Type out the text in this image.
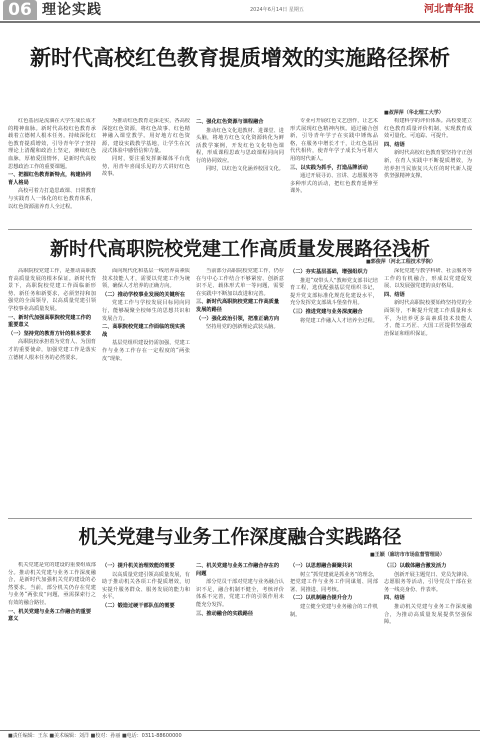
06 理论实践	2024年6月14日 星期五	河北青年报
新时代高校红色教育提质增效的实施路径探析
■叔萍萍（华北理工大学）

红色基因是流淌在大学生成长成才的精神血脉。新时代高校红色教育承载着立德树人根本任务。持续深化红色教育提质增效，引导青年学子坚持理论上清醒和政治上坚定，赓续红色血脉，厚植爱国情怀，是新时代高校思想政治工作的重要课题。

一、把握红色教育新特点，构建协同育人格局

高校可着力打造思政课、日常教育与实践育人一体化的红色教育体系，以红色资源滋养育人全过程。

为推动红色教育走深走实，各高校深挖红色资源，将红色故事、红色精神融入课堂教学。用好地方红色资源，建设实践教学基地，让学生在沉浸式体验中感悟信仰力量。

同时，要注重发挥新媒体平台优势，用青年喜闻乐见的方式讲好红色故事。

二、强化红色资源与课程融合

推动红色文化进教材、进课堂、进头脑，将地方红色文化资源转化为鲜活教学案例，开发红色文化特色课程，形成课程思政与思政课程同向同行的协同效应。

同时，以红色文化涵养校园文化。

专业可开展红色文艺创作，让艺术形式展现红色精神内核。通过融合创新，引导青年学子在实践中锤炼品格，在服务中增长才干，让红色基因代代相传，使青年学子成长为可堪大用的时代新人。

三、以实践为抓手，打造品牌活动

通过开展寻访、宣讲、志愿服务等多种形式的活动，把红色教育延伸至课外。

构建科学的评价体系。高校要建立红色教育质量评价机制，实现教育成效可量化、可追踪、可提升。

四、结语

新时代高校红色教育要坚持守正创新，在育人实践中不断提质增效，为培养担当民族复兴大任的时代新人提供坚强精神支撑。

新时代高职院校党建工作高质量发展路径浅析
■郭俊萍（河北工程技术学院）

高职院校党建工作，是推动高职教育高质量发展的根本保证。新时代背景下，高职院校党建工作面临新形势、新任务和新要求，必须坚持和加强党的全面领导，以高质量党建引领学校事业高质量发展。

一、新时代加强高职院校党建工作的重要意义
（一）坚持党的教育方针的根本要求

高职院校承担着为党育人、为国育才的重要使命，加强党建工作是落实立德树人根本任务的必然要求。

面向现代化和基层一线培养高素质技术技能人才，需要以党建工作为统领，确保人才培养的正确方向。

（二）推动学校事业发展的关键所在

党建工作与学校发展目标同向同行，能够凝聚全校师生的思想共识和发展合力。

二、高职院校党建工作面临的现实挑战

基层党组织建设仍需加强，党建工作与业务工作存在一定程度的“两张皮”现象。

当前部分高职院校党建工作，仍存在与中心工作结合不够紧密、创新意识不足、载体形式单一等问题，需要在实践中不断加以改进和完善。

三、新时代高职院校党建工作高质量发展的路径
（一）强化政治引领，把准正确方向

坚持用党的创新理论武装头脑。

（二）夯实基层基础，增强组织力

推进“双带头人”教师党支部书记培育工程，选优配强基层党组织书记，提升党支部标准化规范化建设水平，充分发挥党支部战斗堡垒作用。

（三）推进党建与业务深度融合

将党建工作融入人才培养全过程。

深化党建与教学科研、社会服务等工作的有机融合，形成以党建促发展、以发展强党建的良好格局。

四、结语

新时代高职院校要始终坚持党的全面领导，不断提升党建工作质量和水平，为培养更多高素质技术技能人才、能工巧匠、大国工匠提供坚强政治保证和组织保证。

机关党建与业务工作深度融合实践路径
■王颖（廊坊市市场监督管理局）

机关党建是党的建设的重要组成部分。推动机关党建与业务工作深度融合，是新时代加强机关党的建设的必然要求。当前，部分机关仍存在党建与业务“两张皮”问题，亟需探索行之有效的融合路径。

一、机关党建与业务工作融合的重要意义
（一）提升机关治理效能的需要

以高质量党建引领高质量发展，有助于推动机关各项工作提质增效，切实提升服务群众、服务发展的能力和水平。

（二）锻造过硬干部队伍的需要
二、机关党建与业务工作融合存在的问题

部分党员干部对党建与业务融合认识不足，融合机制不健全，考核评价体系不完善，党建工作的引领作用未能充分发挥。

三、推动融合的实践路径
（一）以思想融合凝聚共识

树立“抓党建就是抓业务”的理念，把党建工作与业务工作同谋划、同部署、同推进、同考核。

（二）以机制融合提升合力

建立健全党建与业务融合的工作机制。

（三）以载体融合激发活力

创新开展主题党日、党员先锋岗、志愿服务等活动，引导党员干部在业务一线亮身份、作表率。

四、结语

推动机关党建与业务工作深度融合，为推动高质量发展提供坚强保障。

■责任编辑：王东 ■美术编辑：刘洋 ■校对：孙丽 ■电话：0311-88600000
